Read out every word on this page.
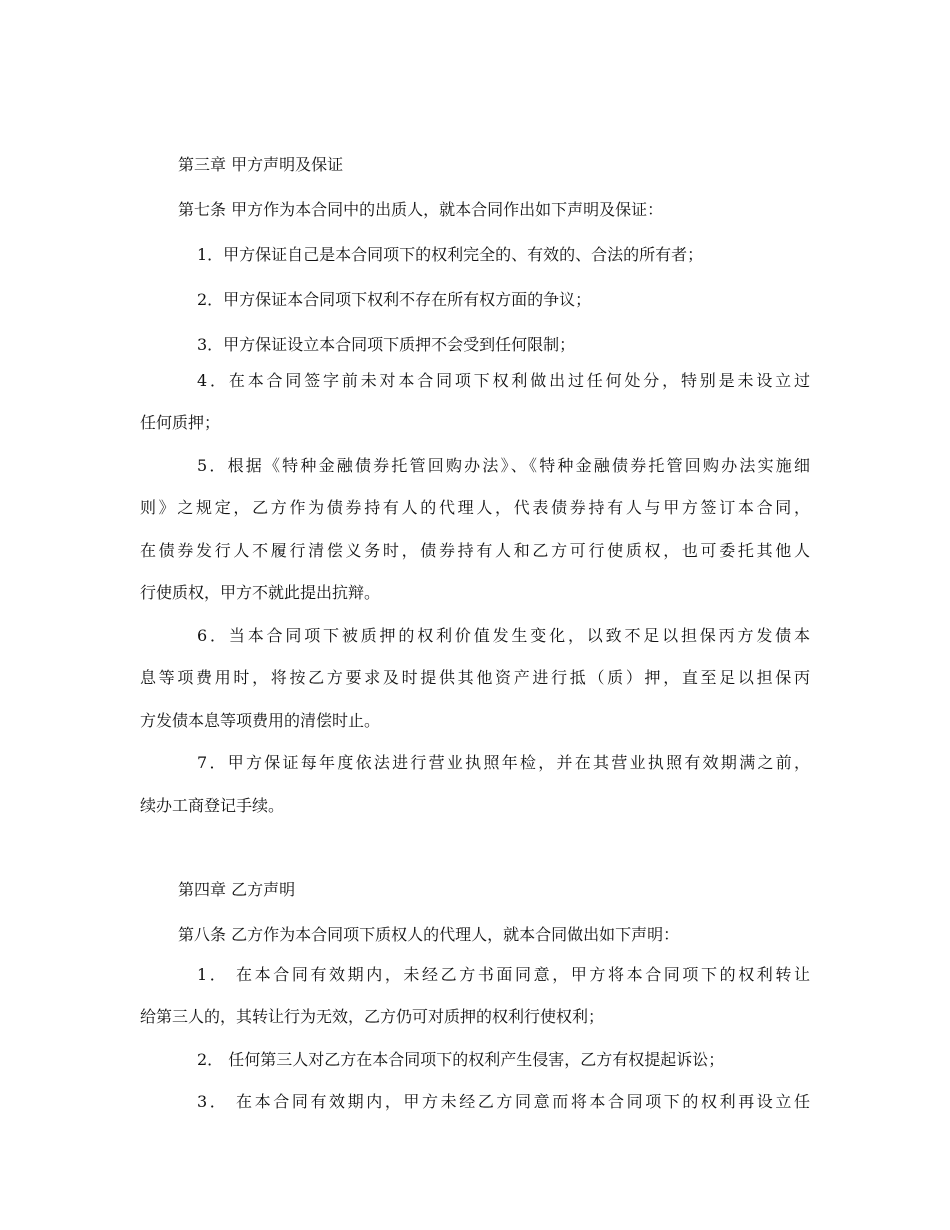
第三章 甲方声明及保证

第七条 甲方作为本合同中的出质人，就本合同作出如下声明及保证：

1．甲方保证自己是本合同项下的权利完全的、有效的、合法的所有者；

2．甲方保证本合同项下权利不存在所有权方面的争议；

3．甲方保证设立本合同项下质押不会受到任何限制；

4．在本合同签字前未对本合同项下权利做出过任何处分，特别是未设立过

任何质押；

5．根据《特种金融债券托管回购办法》、《特种金融债券托管回购办法实施细

则》之规定，乙方作为债券持有人的代理人，代表债券持有人与甲方签订本合同，

在债券发行人不履行清偿义务时，债券持有人和乙方可行使质权，也可委托其他人

行使质权，甲方不就此提出抗辩。

6．当本合同项下被质押的权利价值发生变化，以致不足以担保丙方发债本

息等项费用时，将按乙方要求及时提供其他资产进行抵（质）押，直至足以担保丙

方发债本息等项费用的清偿时止。

7．甲方保证每年度依法进行营业执照年检，并在其营业执照有效期满之前，

续办工商登记手续。

第四章 乙方声明

第八条 乙方作为本合同项下质权人的代理人，就本合同做出如下声明：

1． 在本合同有效期内，未经乙方书面同意，甲方将本合同项下的权利转让

给第三人的，其转让行为无效，乙方仍可对质押的权利行使权利；

2． 任何第三人对乙方在本合同项下的权利产生侵害，乙方有权提起诉讼；

3． 在本合同有效期内，甲方未经乙方同意而将本合同项下的权利再设立任
